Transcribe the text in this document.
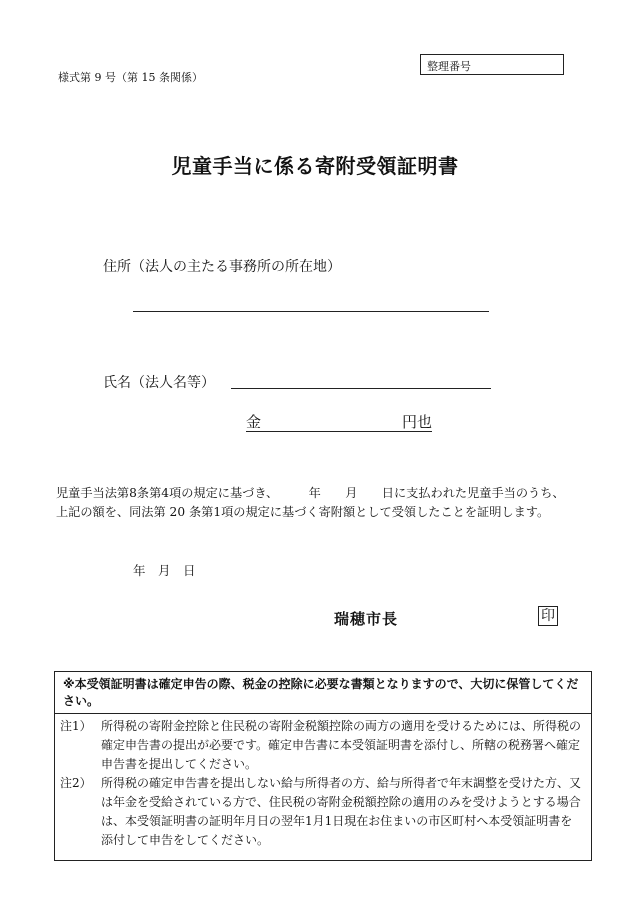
様式第 9 号（第 15 条関係）
整理番号
児童手当に係る寄附受領証明書
住所（法人の主たる事務所の所在地）
氏名（法人名等）
金	円也
児童手当法第8条第4項の規定に基づき、　　　年　　月　　日に支払われた児童手当のうち、上記の額を、同法第 20 条第1項の規定に基づく寄附額として受領したことを証明します。
年　月　日
瑞穂市長	印
※本受領証明書は確定申告の際、税金の控除に必要な書類となりますので、大切に保管してください。
注1） 所得税の寄附金控除と住民税の寄附金税額控除の両方の適用を受けるためには、所得税の確定申告書の提出が必要です。確定申告書に本受領証明書を添付し、所轄の税務署へ確定申告書を提出してください。
注2） 所得税の確定申告書を提出しない給与所得者の方、給与所得者で年末調整を受けた方、又は年金を受給されている方で、住民税の寄附金税額控除の適用のみを受けようとする場合は、本受領証明書の証明年月日の翌年1月1日現在お住まいの市区町村へ本受領証明書を添付して申告をしてください。
